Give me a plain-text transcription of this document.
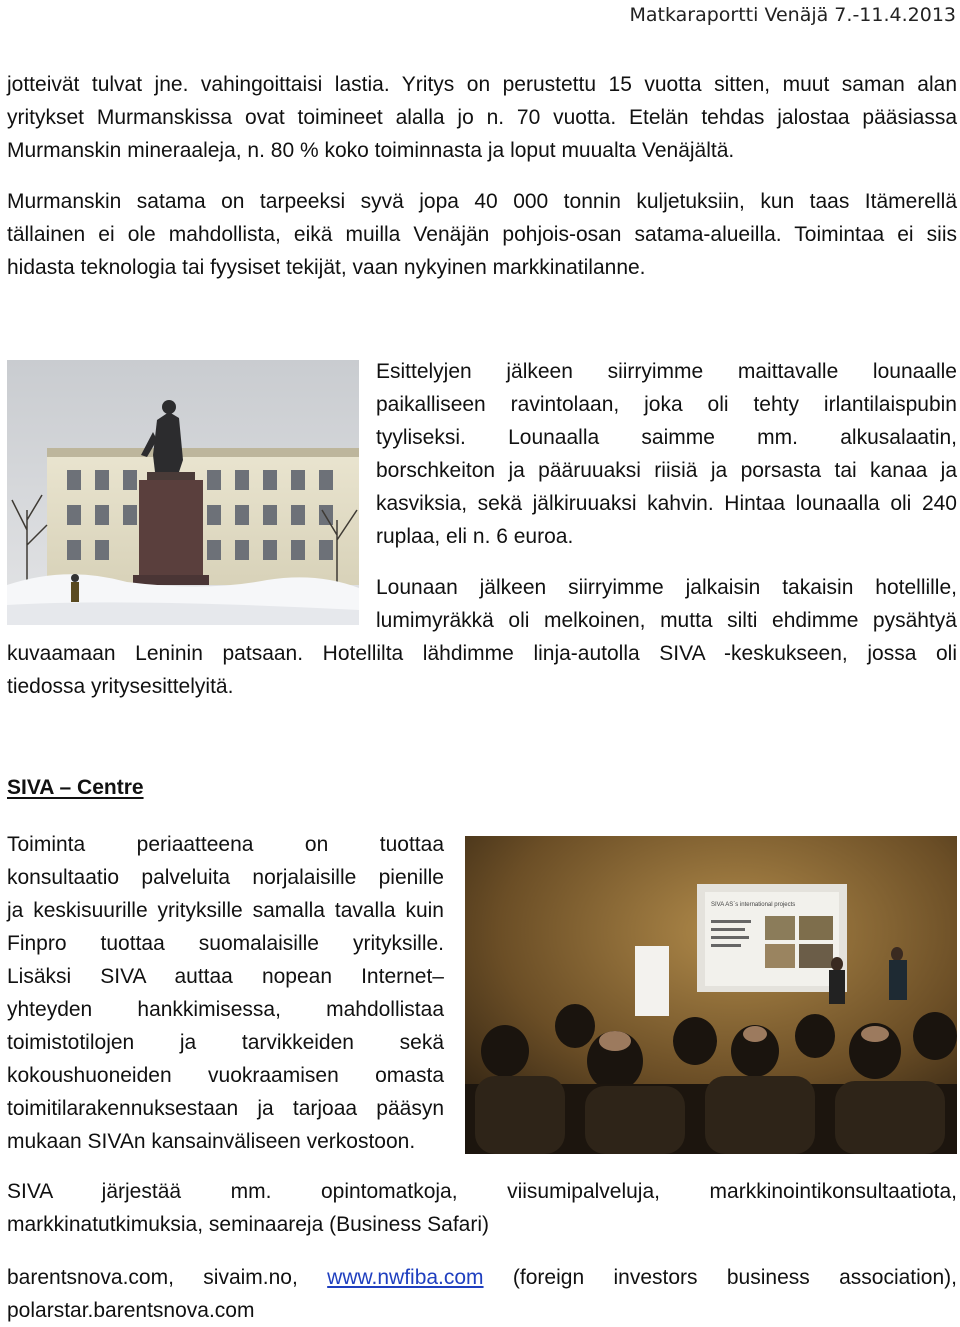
Matkaraportti Venäjä 7.-11.4.2013
jotteivät tulvat jne. vahingoittaisi lastia. Yritys on perustettu 15 vuotta sitten, muut saman alan
yritykset Murmanskissa ovat toimineet alalla jo n. 70 vuotta. Etelän tehdas jalostaa pääsiassa
Murmanskin mineraaleja, n. 80 % koko toiminnasta ja loput muualta Venäjältä.
Murmanskin satama on tarpeeksi syvä jopa 40 000 tonnin kuljetuksiin, kun taas Itämerellä
tällainen ei ole mahdollista, eikä muilla Venäjän pohjois-osan satama-alueilla. Toimintaa ei siis
hidasta teknologia tai fyysiset tekijät, vaan nykyinen markkinatilanne.
Esittelyjen jälkeen siirryimme maittavalle lounaalle
paikalliseen ravintolaan, joka oli tehty irlantilaispubin
tyyliseksi. Lounaalla saimme mm. alkusalaatin,
borschkeiton ja pääruuaksi riisiä ja porsasta tai kanaa ja
kasviksia, sekä jälkiruuaksi kahvin. Hintaa lounaalla oli 240
ruplaa, eli n. 6 euroa.
Lounaan jälkeen siirryimme jalkaisin takaisin hotellille,
lumimyräkkä oli melkoinen, mutta silti ehdimme pysähtyä
kuvaamaan Leninin patsaan. Hotellilta lähdimme linja-autolla SIVA -keskukseen, jossa oli
tiedossa yritysesittelyitä.
SIVA – Centre
Toiminta periaatteena on tuottaa
konsultaatio palveluita norjalaisille pienille
ja keskisuurille yrityksille samalla tavalla kuin
Finpro tuottaa suomalaisille yrityksille.
Lisäksi SIVA auttaa nopean Internet–
yhteyden hankkimisessa, mahdollistaa
toimistotilojen ja tarvikkeiden sekä
kokoushuoneiden vuokraamisen omasta
toimitilarakennuksestaan ja tarjoaa pääsyn
mukaan SIVAn kansainväliseen verkostoon.
SIVA AS`s international projects
SIVA järjestää mm. opintomatkoja, viisumipalveluja, markkinointikonsultaatiota,
markkinatutkimuksia, seminaareja (Business Safari)
barentsnova.com, sivaim.no, www.nwfiba.com (foreign investors business association),
polarstar.barentsnova.com
